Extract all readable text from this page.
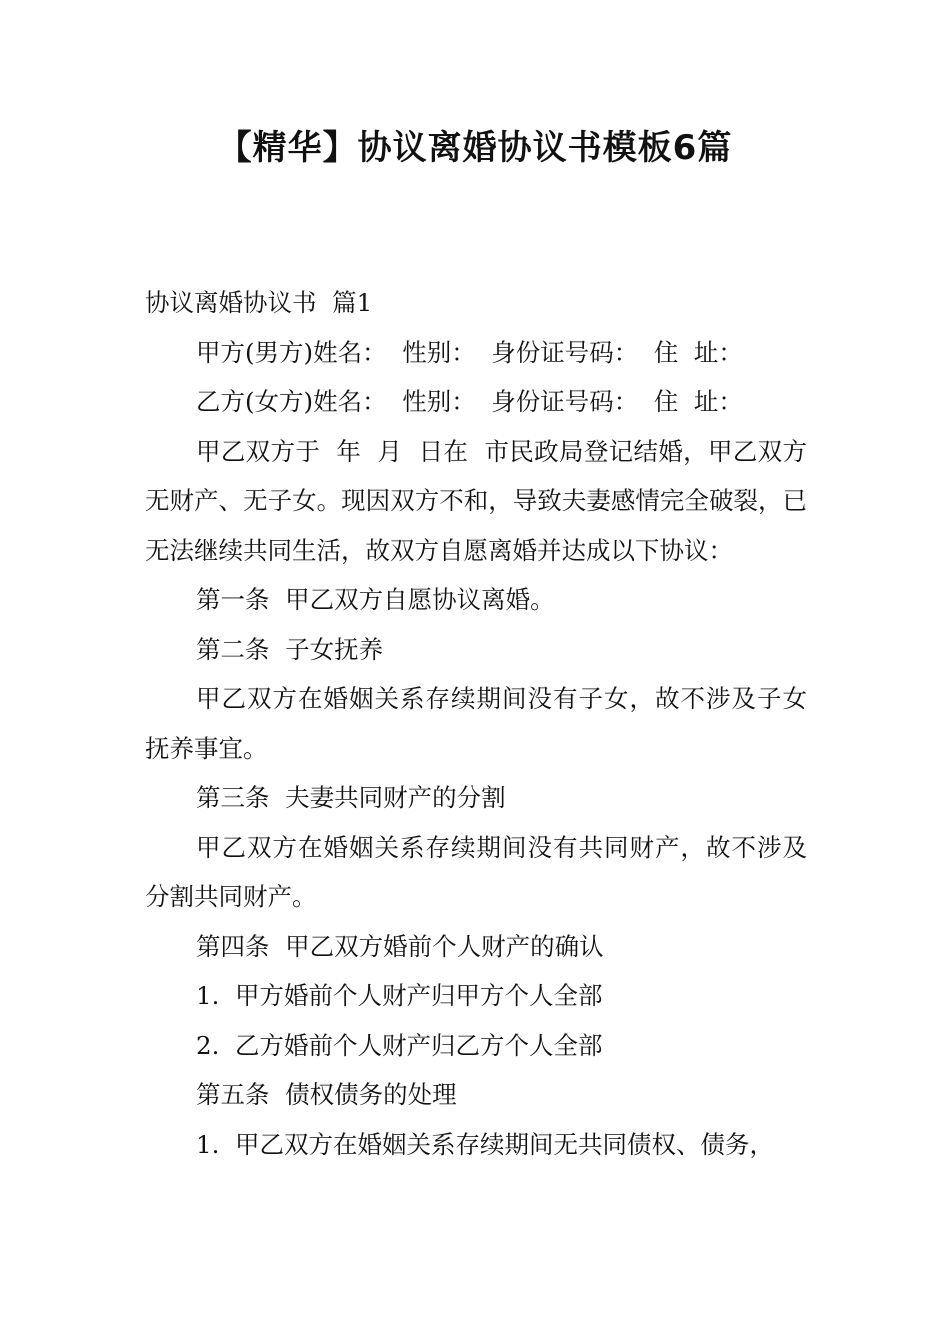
【精华】协议离婚协议书模板6篇

协议离婚协议书  篇1

甲方(男方)姓名：  性别：  身份证号码：  住  址：

乙方(女方)姓名：  性别：  身份证号码：  住  址：

甲乙双方于  年  月  日在  市民政局登记结婚，甲乙双方无财产、无子女。现因双方不和，导致夫妻感情完全破裂，已无法继续共同生活，故双方自愿离婚并达成以下协议：

第一条  甲乙双方自愿协议离婚。

第二条  子女抚养

甲乙双方在婚姻关系存续期间没有子女，故不涉及子女抚养事宜。

第三条  夫妻共同财产的分割

甲乙双方在婚姻关系存续期间没有共同财产，故不涉及分割共同财产。

第四条  甲乙双方婚前个人财产的确认

1.  甲方婚前个人财产归甲方个人全部

2.  乙方婚前个人财产归乙方个人全部

第五条  债权债务的处理

1.  甲乙双方在婚姻关系存续期间无共同债权、债务，
